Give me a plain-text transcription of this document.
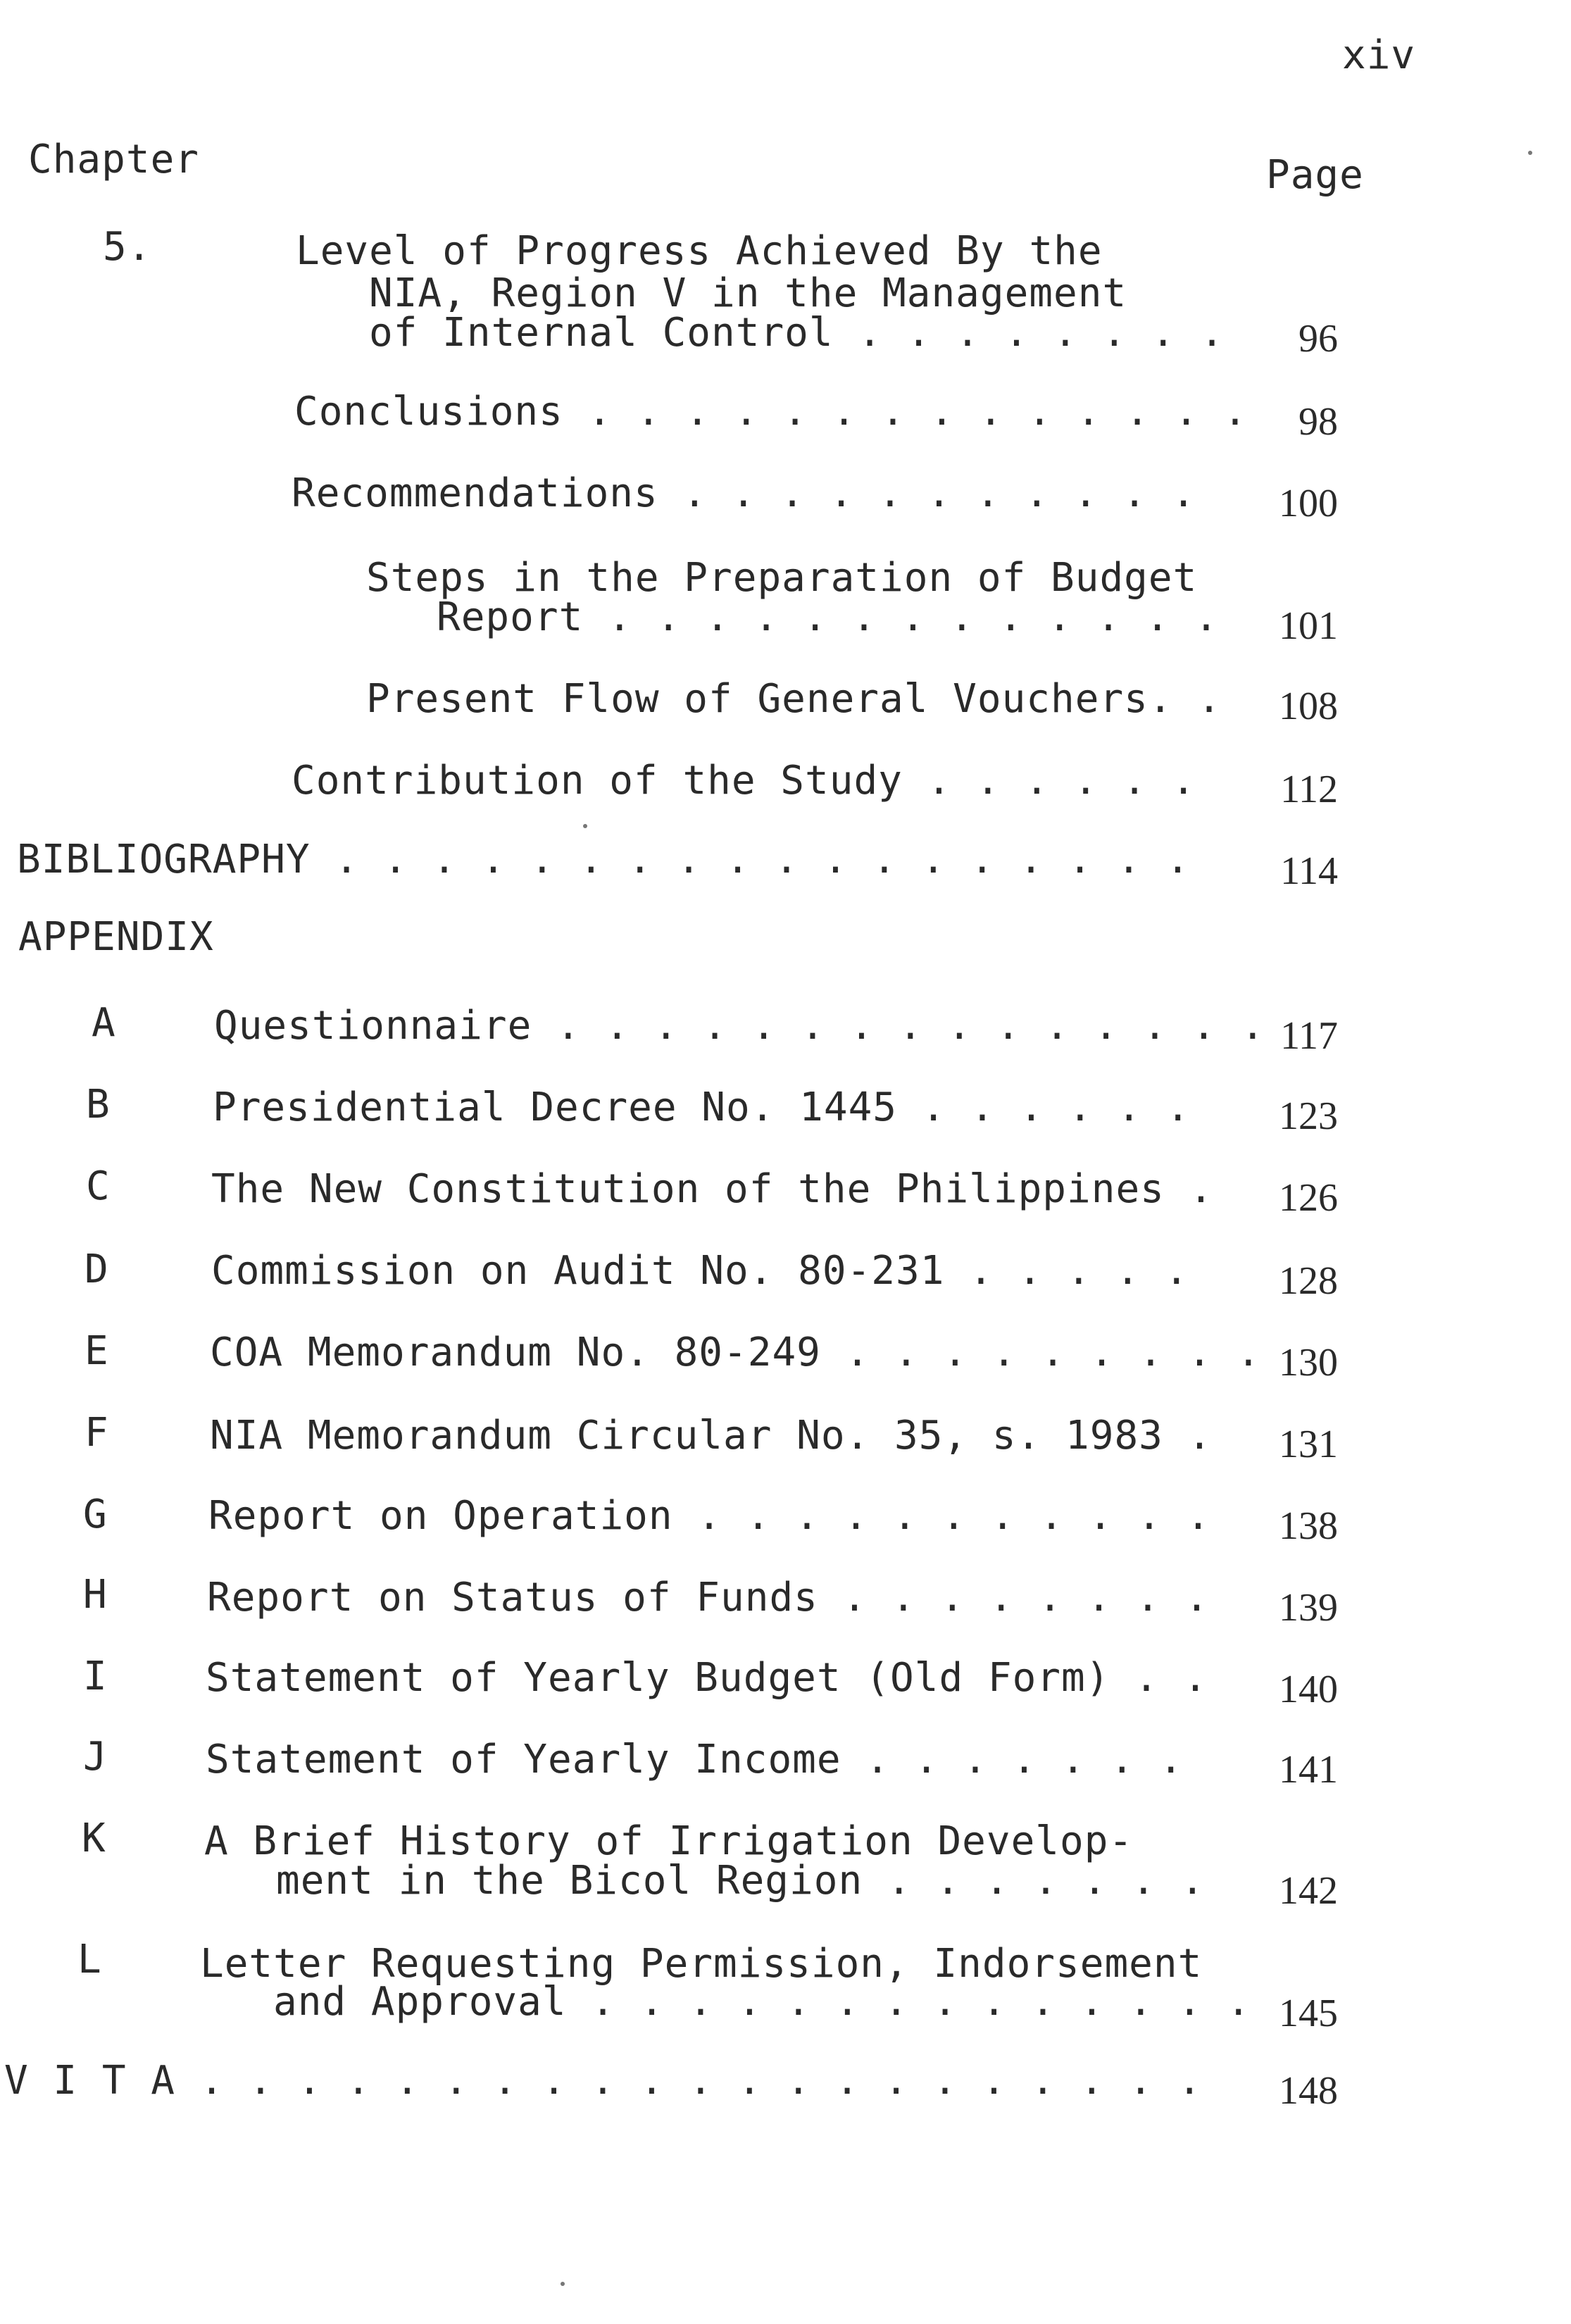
xiv
Chapter	Page
5.	Level of Progress Achieved By the
NIA, Region V in the Management
of Internal Control . . . . . . . .	96
Conclusions . . . . . . . . . . . . . .	98
Recommendations . . . . . . . . . . .	100
Steps in the Preparation of Budget
Report . . . . . . . . . . . . .	101
Present Flow of General Vouchers. .	108
Contribution of the Study . . . . . .	112
BIBLIOGRAPHY . . . . . . . . . . . . . . . . . .	114
APPENDIX
A Questionnaire . . . . . . . . . . . . . . . 117
B	Presidential Decree No. 1445 . . . . . .	123
C	The New Constitution of the Philippines .	126
D	Commission on Audit No. 80-231 . . . . .	128
E	COA Memorandum No. 80-249 . . . . . . . . . 130
F	NIA Memorandum Circular No. 35, s. 1983 .	131
G	Report on Operation . . . . . . . . . . .	138
H	Report on Status of Funds . . . . . . . .	139
I Statement of Yearly Budget (Old Form) . .	140
J Statement of Yearly Income . . . . . . .	141
K A Brief History of Irrigation Develop-
ment in the Bicol Region . . . . . . .	142
L Letter Requesting Permission, Indorsement
and Approval . . . . . . . . . . . . . . 145
V I T A . . . . . . . . . . . . . . . . . . . . .	148
